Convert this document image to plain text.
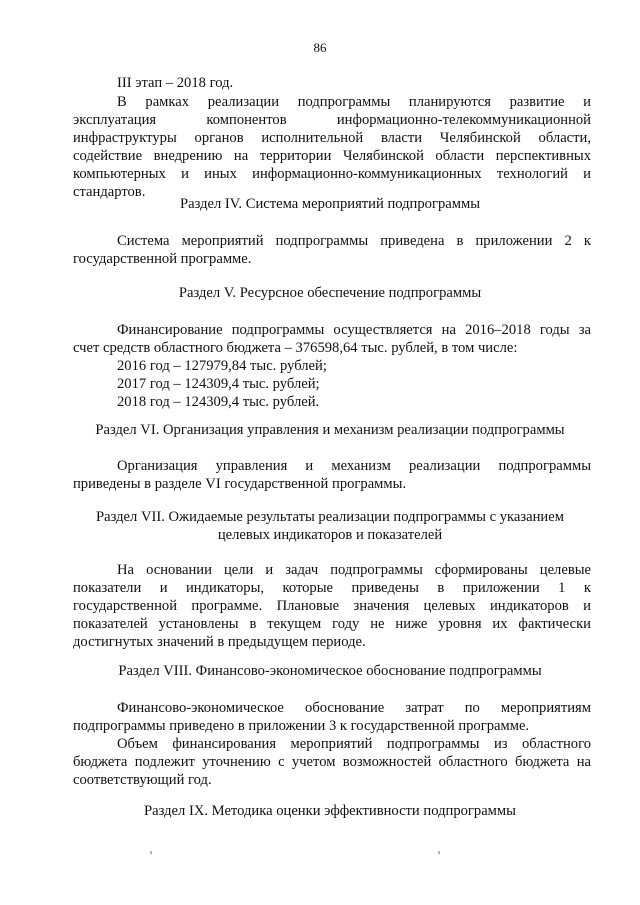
86
III этап – 2018 год.
В рамках реализации подпрограммы планируются развитие и
эксплуатация компонентов информационно-телекоммуникационной
инфраструктуры органов исполнительной власти Челябинской области,
содействие внедрению на территории Челябинской области перспективных
компьютерных и иных информационно-коммуникационных технологий и
стандартов.
Раздел IV. Система мероприятий подпрограммы
Система мероприятий подпрограммы приведена в приложении 2 к
государственной программе.
Раздел V. Ресурсное обеспечение подпрограммы
Финансирование подпрограммы осуществляется на 2016–2018 годы за
счет средств областного бюджета – 376598,64 тыс. рублей, в том числе:
2016 год – 127979,84 тыс. рублей;
2017 год – 124309,4 тыс. рублей;
2018 год – 124309,4 тыс. рублей.
Раздел VI. Организация управления и механизм реализации подпрограммы
Организация управления и механизм реализации подпрограммы
приведены в разделе VI государственной программы.
Раздел VII. Ожидаемые результаты реализации подпрограммы с указанием
целевых индикаторов и показателей
На основании цели и задач подпрограммы сформированы целевые
показатели и индикаторы, которые приведены в приложении 1 к
государственной программе. Плановые значения целевых индикаторов и
показателей установлены в текущем году не ниже уровня их фактически
достигнутых значений в предыдущем периоде.
Раздел VIII. Финансово-экономическое обоснование подпрограммы
Финансово-экономическое обоснование затрат по мероприятиям
подпрограммы приведено в приложении 3 к государственной программе.
Объем финансирования мероприятий подпрограммы из областного
бюджета подлежит уточнению с учетом возможностей областного бюджета на
соответствующий год.
Раздел IX. Методика оценки эффективности подпрограммы
'	'
